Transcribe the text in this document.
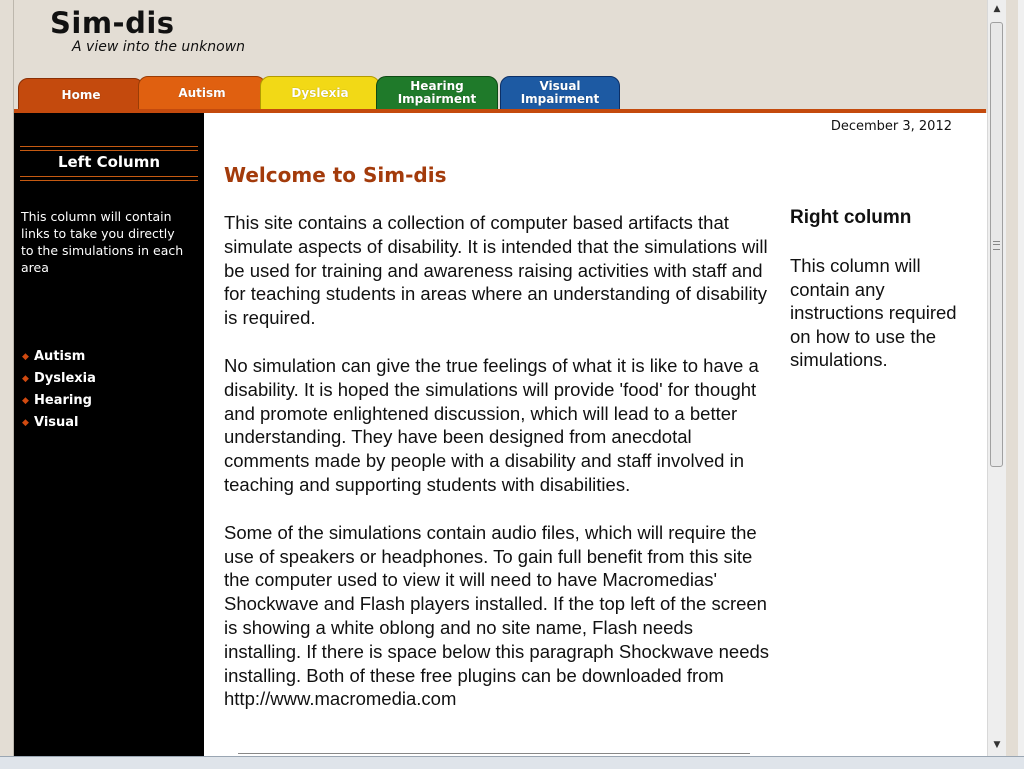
Sim-dis
A view into the unknown
Home	Autism	Dyslexia	Hearing
Impairment
Visual
Impairment
Left Column
This column will contain links to take you directly to the simulations in each area
◆ Autism
◆ Dyslexia
◆ Hearing
◆ Visual
December 3, 2012
Welcome to Sim-dis

This site contains a collection of computer based artifacts that simulate aspects of disability. It is intended that the simulations will be used for training and awareness raising activities with staff and for teaching students in areas where an understanding of disability is required.

No simulation can give the true feelings of what it is like to have a disability. It is hoped the simulations will provide 'food' for thought and promote enlightened discussion, which will lead to a better understanding. They have been designed from anecdotal comments made by people with a disability and staff involved in teaching and supporting students with disabilities.

Some of the simulations contain audio files, which will require the use of speakers or headphones. To gain full benefit from this site the computer used to view it will need to have Macromedias' Shockwave and Flash players installed. If the top left of the screen is showing a white oblong and no site name, Flash needs installing. If there is space below this paragraph Shockwave needs installing. Both of these free plugins can be downloaded from http://www.macromedia.com

Right column
This column will contain any instructions required on how to use the simulations.
▲
▼
